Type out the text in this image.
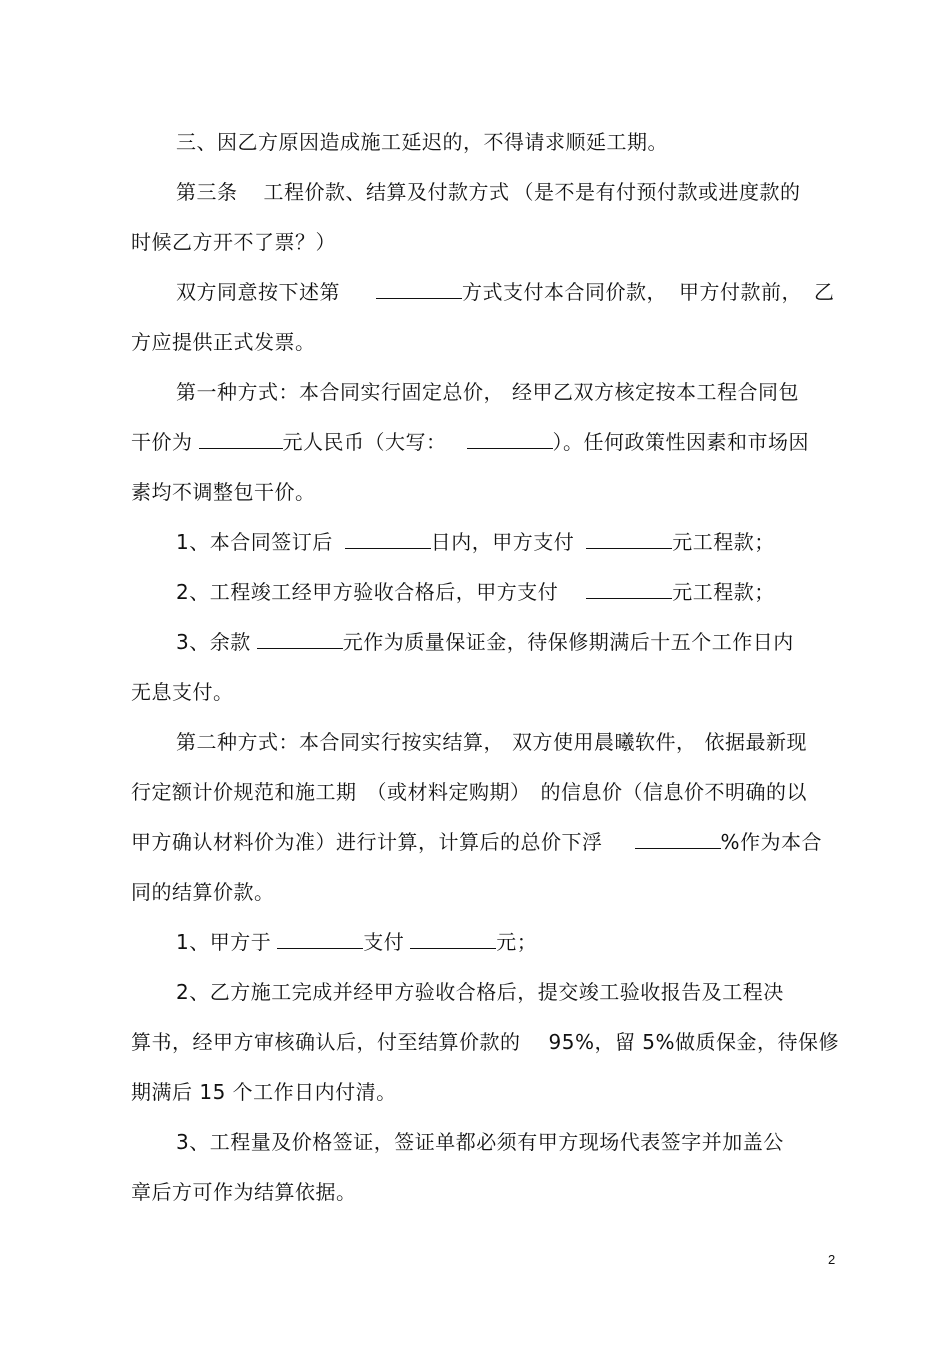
三、因乙方原因造成施工延迟的，不得请求顺延工期。
第三条 工程价款、结算及付款方式 （是不是有付预付款或进度款的
时候乙方开不了票？）
双方同意按下述第	方式支付本合同价款， 甲方付款前， 乙
方应提供正式发票。
第一种方式：本合同实行固定总价， 经甲乙双方核定按本工程合同包
干价为	元人民币（大写：	）。任何政策性因素和市场因
素均不调整包干价。
1、本合同签订后	日内，甲方支付	元工程款；
2、工程竣工经甲方验收合格后，甲方支付	元工程款；
3、余款	元作为质量保证金，待保修期满后十五个工作日内
无息支付。
第二种方式：本合同实行按实结算， 双方使用晨曦软件， 依据最新现
行定额计价规范和施工期 （或材料定购期） 的信息价（信息价不明确的以
甲方确认材料价为准）进行计算，计算后的总价下浮	%作为本合
同的结算价款。
1、甲方于	支付	元；
2、乙方施工完成并经甲方验收合格后，提交竣工验收报告及工程决
算书，经甲方审核确认后，付至结算价款的 95%，留 5%做质保金，待保修
期满后 15 个工作日内付清。
3、工程量及价格签证，签证单都必须有甲方现场代表签字并加盖公
章后方可作为结算依据。
2
